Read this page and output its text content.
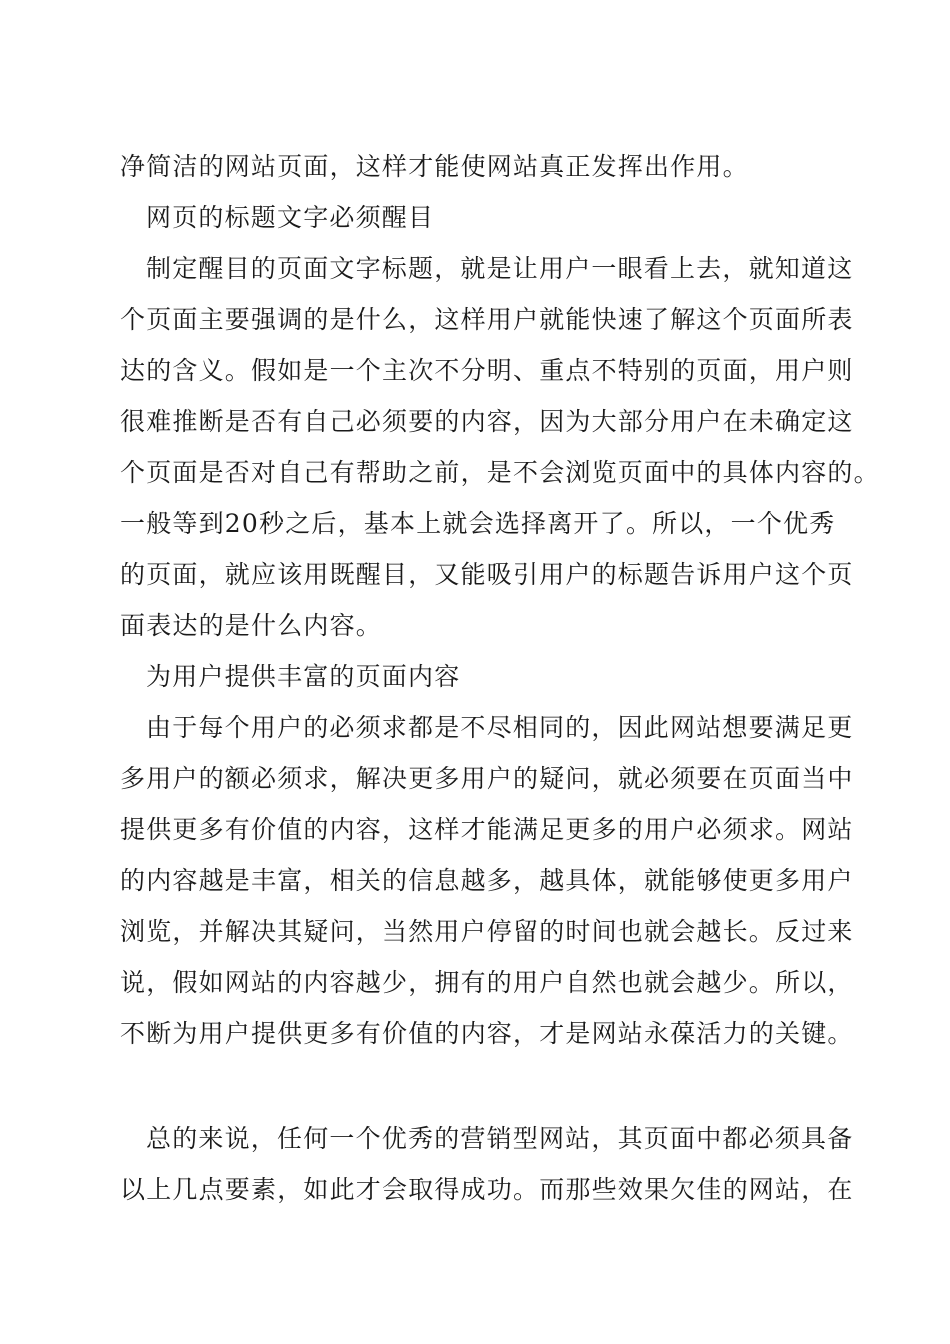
净简洁的网站页面，这样才能使网站真正发挥出作用。
网页的标题文字必须醒目
制定醒目的页面文字标题，就是让用户一眼看上去，就知道这
个页面主要强调的是什么，这样用户就能快速了解这个页面所表
达的含义。假如是一个主次不分明、重点不特别的页面，用户则
很难推断是否有自己必须要的内容，因为大部分用户在未确定这
个页面是否对自己有帮助之前，是不会浏览页面中的具体内容的。
一般等到20秒之后，基本上就会选择离开了。所以，一个优秀
的页面，就应该用既醒目，又能吸引用户的标题告诉用户这个页
面表达的是什么内容。
为用户提供丰富的页面内容
由于每个用户的必须求都是不尽相同的，因此网站想要满足更
多用户的额必须求，解决更多用户的疑问，就必须要在页面当中
提供更多有价值的内容，这样才能满足更多的用户必须求。网站
的内容越是丰富，相关的信息越多，越具体，就能够使更多用户
浏览，并解决其疑问，当然用户停留的时间也就会越长。反过来
说，假如网站的内容越少，拥有的用户自然也就会越少。所以，
不断为用户提供更多有价值的内容，才是网站永葆活力的关键。
总的来说，任何一个优秀的营销型网站，其页面中都必须具备
以上几点要素，如此才会取得成功。而那些效果欠佳的网站，在
